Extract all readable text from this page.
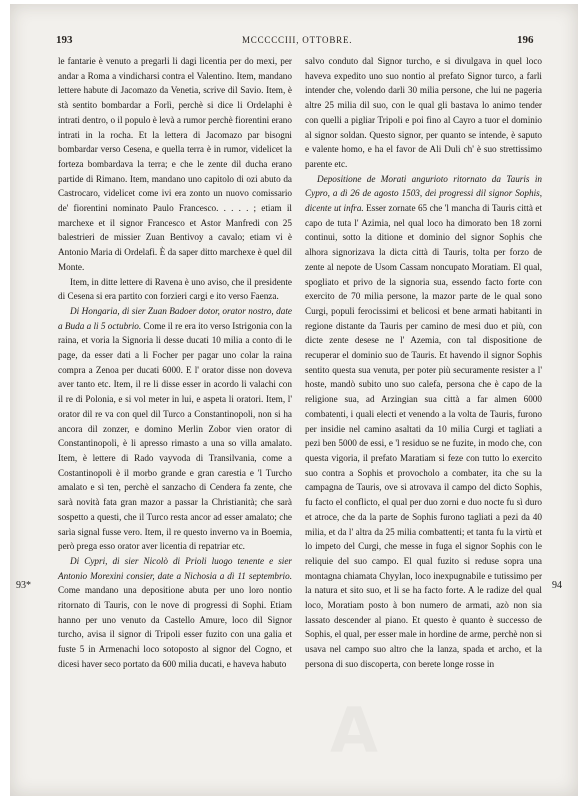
193	MCCCCCIII, OTTOBRE.	196
93*	94

le fantarie è venuto a pregarli li dagi licentia per do mexi, per andar a Roma a vindicharsi contra el Valentino. Item, mandano lettere habute di Jacomazo da Venetia, scrive dil Savio. Item, è stà sentito bombardar a Forlì, perchè si dice li Ordelaphi è intrati dentro, o il populo è levà a rumor perchè fiorentini erano intrati in la rocha. Et la lettera di Jacomazo par bisogni bombardar verso Cesena, e quella terra è in rumor, videlicet la forteza bombardava la terra; e che le zente dil ducha erano partide di Rimano. Item, mandano uno capitolo di ozi abuto da Castrocaro, videlicet come ivi era zonto un nuovo comissario de' fiorentini nominato Paulo Francesco. . . . . ; etiam il marchexe et il signor Francesco et Astor Manfredi con 25 balestrieri de missier Zuan Bentivoy a cavalo; etiam vi è Antonio Maria di Ordelafi. È da saper ditto marchexe è quel dil Monte.

Item, in ditte lettere di Ravena è uno aviso, che il presidente di Cesena si era partito con forzieri cargi e ito verso Faenza.

Di Hongaria, di sier Zuan Badoer dotor, orator nostro, date a Buda a li 5 octubrio. Come il re era ito verso Istrigonia con la raina, et voria la Signoria li desse ducati 10 milia a conto di le page, da esser dati a li Focher per pagar uno colar la raina compra a Zenoa per ducati 6000. E l' orator disse non doveva aver tanto etc. Item, il re li disse esser in acordo li valachi con il re di Polonia, e si vol meter in lui, e aspeta li oratori. Item, l' orator dil re va con quel dil Turco a Constantinopoli, non si ha ancora dil zonzer, e domino Merlin Zobor vien orator di Constantinopoli, è li apresso rimasto a una so villa amalato. Item, è lettere di Rado vayvoda di Transilvania, come a Costantinopoli è il morbo grande e gran carestia e 'l Turcho amalato e sì ten, perchè el sanzacho di Cendera fa zente, che sarà novità fata gran mazor a passar la Christianità; che sarà sospetto a questi, che il Turco resta ancor ad esser amalato; che sarìa signal fusse vero. Item, il re questo inverno va in Boemia, però prega esso orator aver licentia di repatriar etc.

Di Cypri, di sier Nicolò di Prioli luogo tenente e sier Antonio Morexini consier, date a Nichosia a dì 11 septembrio. Come mandano una depositione abuta per uno loro nontio ritornato di Tauris, con le nove di progressi di Sophi. Etiam hanno per uno venuto da Castello Amure, loco dil Signor turcho, avisa il signor di Tripoli esser fuzito con una galia et fuste 5 in Armenachi loco sotoposto al signor del Cogno, et dicesi haver seco portato da 600 milia ducati, e haveva habuto

salvo conduto dal Signor turcho, e si divulgava in quel loco haveva expedito uno suo nontio al prefato Signor turco, a farli intender che, volendo darli 30 milia persone, che lui ne pageria altre 25 milia dil suo, con le qual gli bastava lo animo tender con quelli a pigliar Tripoli e poi fino al Cayro a tuor el dominio al signor soldan. Questo signor, per quanto se intende, è saputo e valente homo, e ha el favor de Ali Duli ch' è suo strettissimo parente etc.

Depositione de Morati angurioto ritornato da Tauris in Cypro, a dì 26 de agosto 1503, dei progressi dil signor Sophis, dicente ut infra. Esser zornate 65 che 'l mancha di Tauris città et capo de tuta l' Azimia, nel qual loco ha dimorato ben 18 zorni continui, sotto la ditione et dominio del signor Sophis che alhora signorizava la dicta città di Tauris, tolta per forzo de zente al nepote de Usom Cassam noncupato Moratiam. El qual, spogliato et privo de la signoria sua, essendo facto forte con exercito de 70 milia persone, la mazor parte de le qual sono Curgi, populi ferocissimi et belicosi et bene armati habitanti in regione distante da Tauris per camino de mesi duo et più, con dicte zente desese ne l' Azemia, con tal dispositione de recuperar el dominio suo de Tauris. Et havendo il signor Sophis sentito questa sua venuta, per poter più securamente resister a l' hoste, mandò subito uno suo calefa, persona che è capo de la religione sua, ad Arzingian sua città a far almen 6000 combatenti, i quali electi et venendo a la volta de Tauris, furono per insidie nel camino asaltati da 10 milia Curgi et tagliati a pezi ben 5000 de essi, e 'l residuo se ne fuzite, in modo che, con questa vigoria, il prefato Maratiam si feze con tutto lo exercito suo contra a Sophis et provocholo a combater, ita che su la campagna de Tauris, ove si atrovava il campo del dicto Sophis, fu facto el conflicto, el qual per duo zorni e duo nocte fu sì duro et atroce, che da la parte de Sophis furono tagliati a pezi da 40 milia, et da l' altra da 25 milia combattenti; et tanta fu la virtù et lo impeto del Curgi, che messe in fuga el signor Sophis con le reliquie del suo campo. El qual fuzito si reduse sopra una montagna chiamata Chyylan, loco inexpugnabile e tutissimo per la natura et sito suo, et li se ha facto forte. A le radize del qual loco, Moratiam posto à bon numero de armati, azò non sia lassato descender al piano. Et questo è quanto è successo de Sophis, el qual, per esser male in hordine de arme, perchè non si usava nel campo suo altro che la lanza, spada et archo, et la persona di suo discoperta, con berete longe rosse in
